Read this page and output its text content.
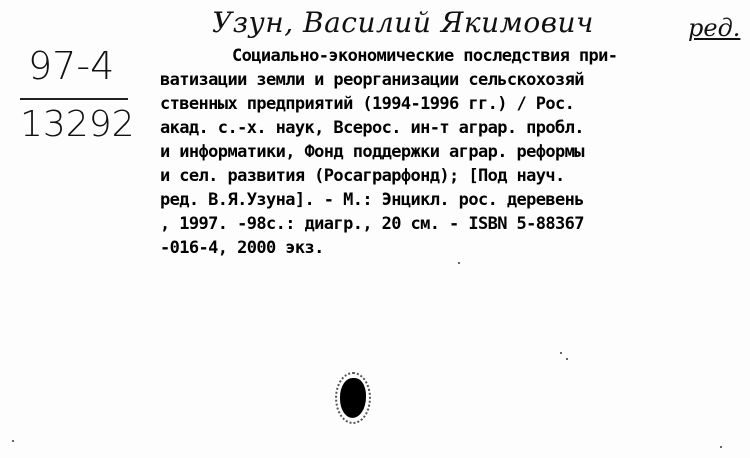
Узун, Василий Якимович	ред.
97-4
13292
Социально-экономические последствия при-
ватизации земли и реорганизации сельскохозяй
ственных предприятий (1994-1996 гг.) / Рос.
акад. с.-х. наук, Всерос. ин-т аграр. пробл.
и информатики, Фонд поддержки аграр. реформы
и сел. развития (Росаграрфонд); [Под науч.
ред. В.Я.Узуна]. - М.: Энцикл. рос. деревень
, 1997. -98с.: диагр., 20 см. - ISBN 5-88367
-016-4, 2000 экз.
